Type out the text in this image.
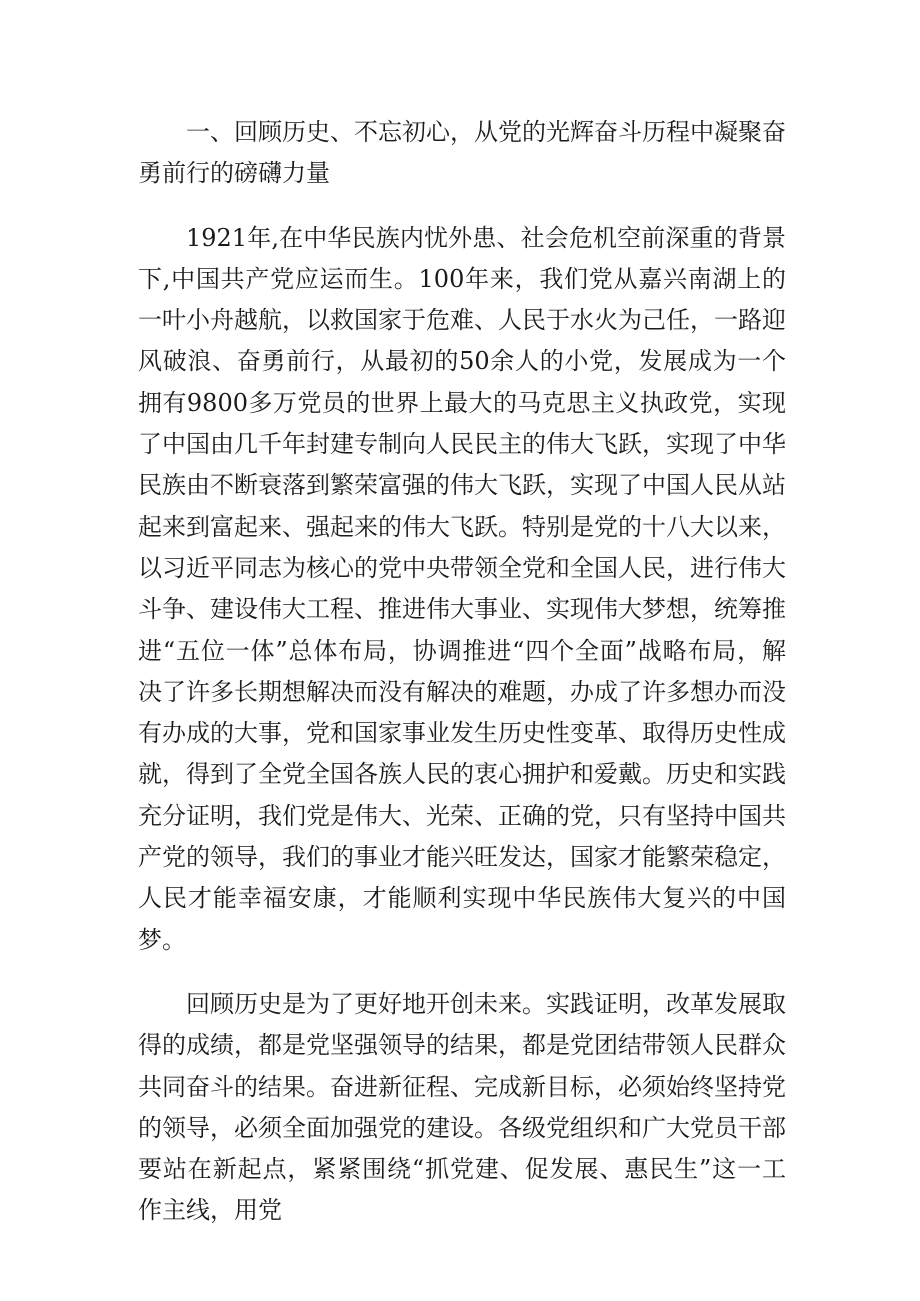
一、回顾历史、不忘初心，从党的光辉奋斗历程中凝聚奋勇前行的磅礴力量

1921年,在中华民族内忧外患、社会危机空前深重的背景下,中国共产党应运而生。100年来，我们党从嘉兴南湖上的一叶小舟越航，以救国家于危难、人民于水火为己任，一路迎风破浪、奋勇前行，从最初的50余人的小党，发展成为一个拥有9800多万党员的世界上最大的马克思主义执政党，实现了中国由几千年封建专制向人民民主的伟大飞跃，实现了中华民族由不断衰落到繁荣富强的伟大飞跃，实现了中国人民从站起来到富起来、强起来的伟大飞跃。特别是党的十八大以来，以习近平同志为核心的党中央带领全党和全国人民，进行伟大斗争、建设伟大工程、推进伟大事业、实现伟大梦想，统筹推进“五位一体”总体布局，协调推进“四个全面”战略布局，解决了许多长期想解决而没有解决的难题，办成了许多想办而没有办成的大事，党和国家事业发生历史性变革、取得历史性成就，得到了全党全国各族人民的衷心拥护和爱戴。历史和实践充分证明，我们党是伟大、光荣、正确的党，只有坚持中国共产党的领导，我们的事业才能兴旺发达，国家才能繁荣稳定，人民才能幸福安康，才能顺利实现中华民族伟大复兴的中国梦。

回顾历史是为了更好地开创未来。实践证明，改革发展取得的成绩，都是党坚强领导的结果，都是党团结带领人民群众共同奋斗的结果。奋进新征程、完成新目标，必须始终坚持党的领导，必须全面加强党的建设。各级党组织和广大党员干部要站在新起点，紧紧围绕“抓党建、促发展、惠民生”这一工作主线，用党
